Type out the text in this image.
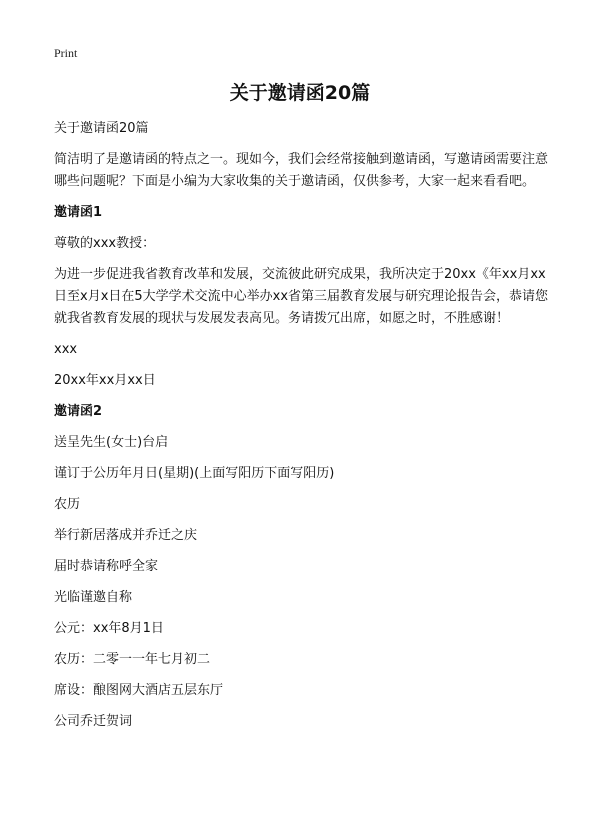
Print
关于邀请函20篇

关于邀请函20篇

简洁明了是邀请函的特点之一。现如今，我们会经常接触到邀请函，写邀请函需要注意哪些问题呢？下面是小编为大家收集的关于邀请函，仅供参考，大家一起来看看吧。

邀请函1

尊敬的xxx教授：

为进一步促进我省教育改革和发展，交流彼此研究成果，我所决定于20xx《年xx月xx日至x月x日在5大学学术交流中心举办xx省第三届教育发展与研究理论报告会，恭请您就我省教育发展的现状与发展发表高见。务请拨冗出席，如愿之时，不胜感谢！

xxx

20xx年xx月xx日

邀请函2

送呈先生(女士)台启

谨订于公历年月日(星期)(上面写阳历下面写阳历)

农历

举行新居落成并乔迁之庆

届时恭请称呼全家

光临谨邀自称

公元：xx年8月1日

农历：二零一一年七月初二

席设：酿图网大酒店五层东厅

公司乔迁贺词
